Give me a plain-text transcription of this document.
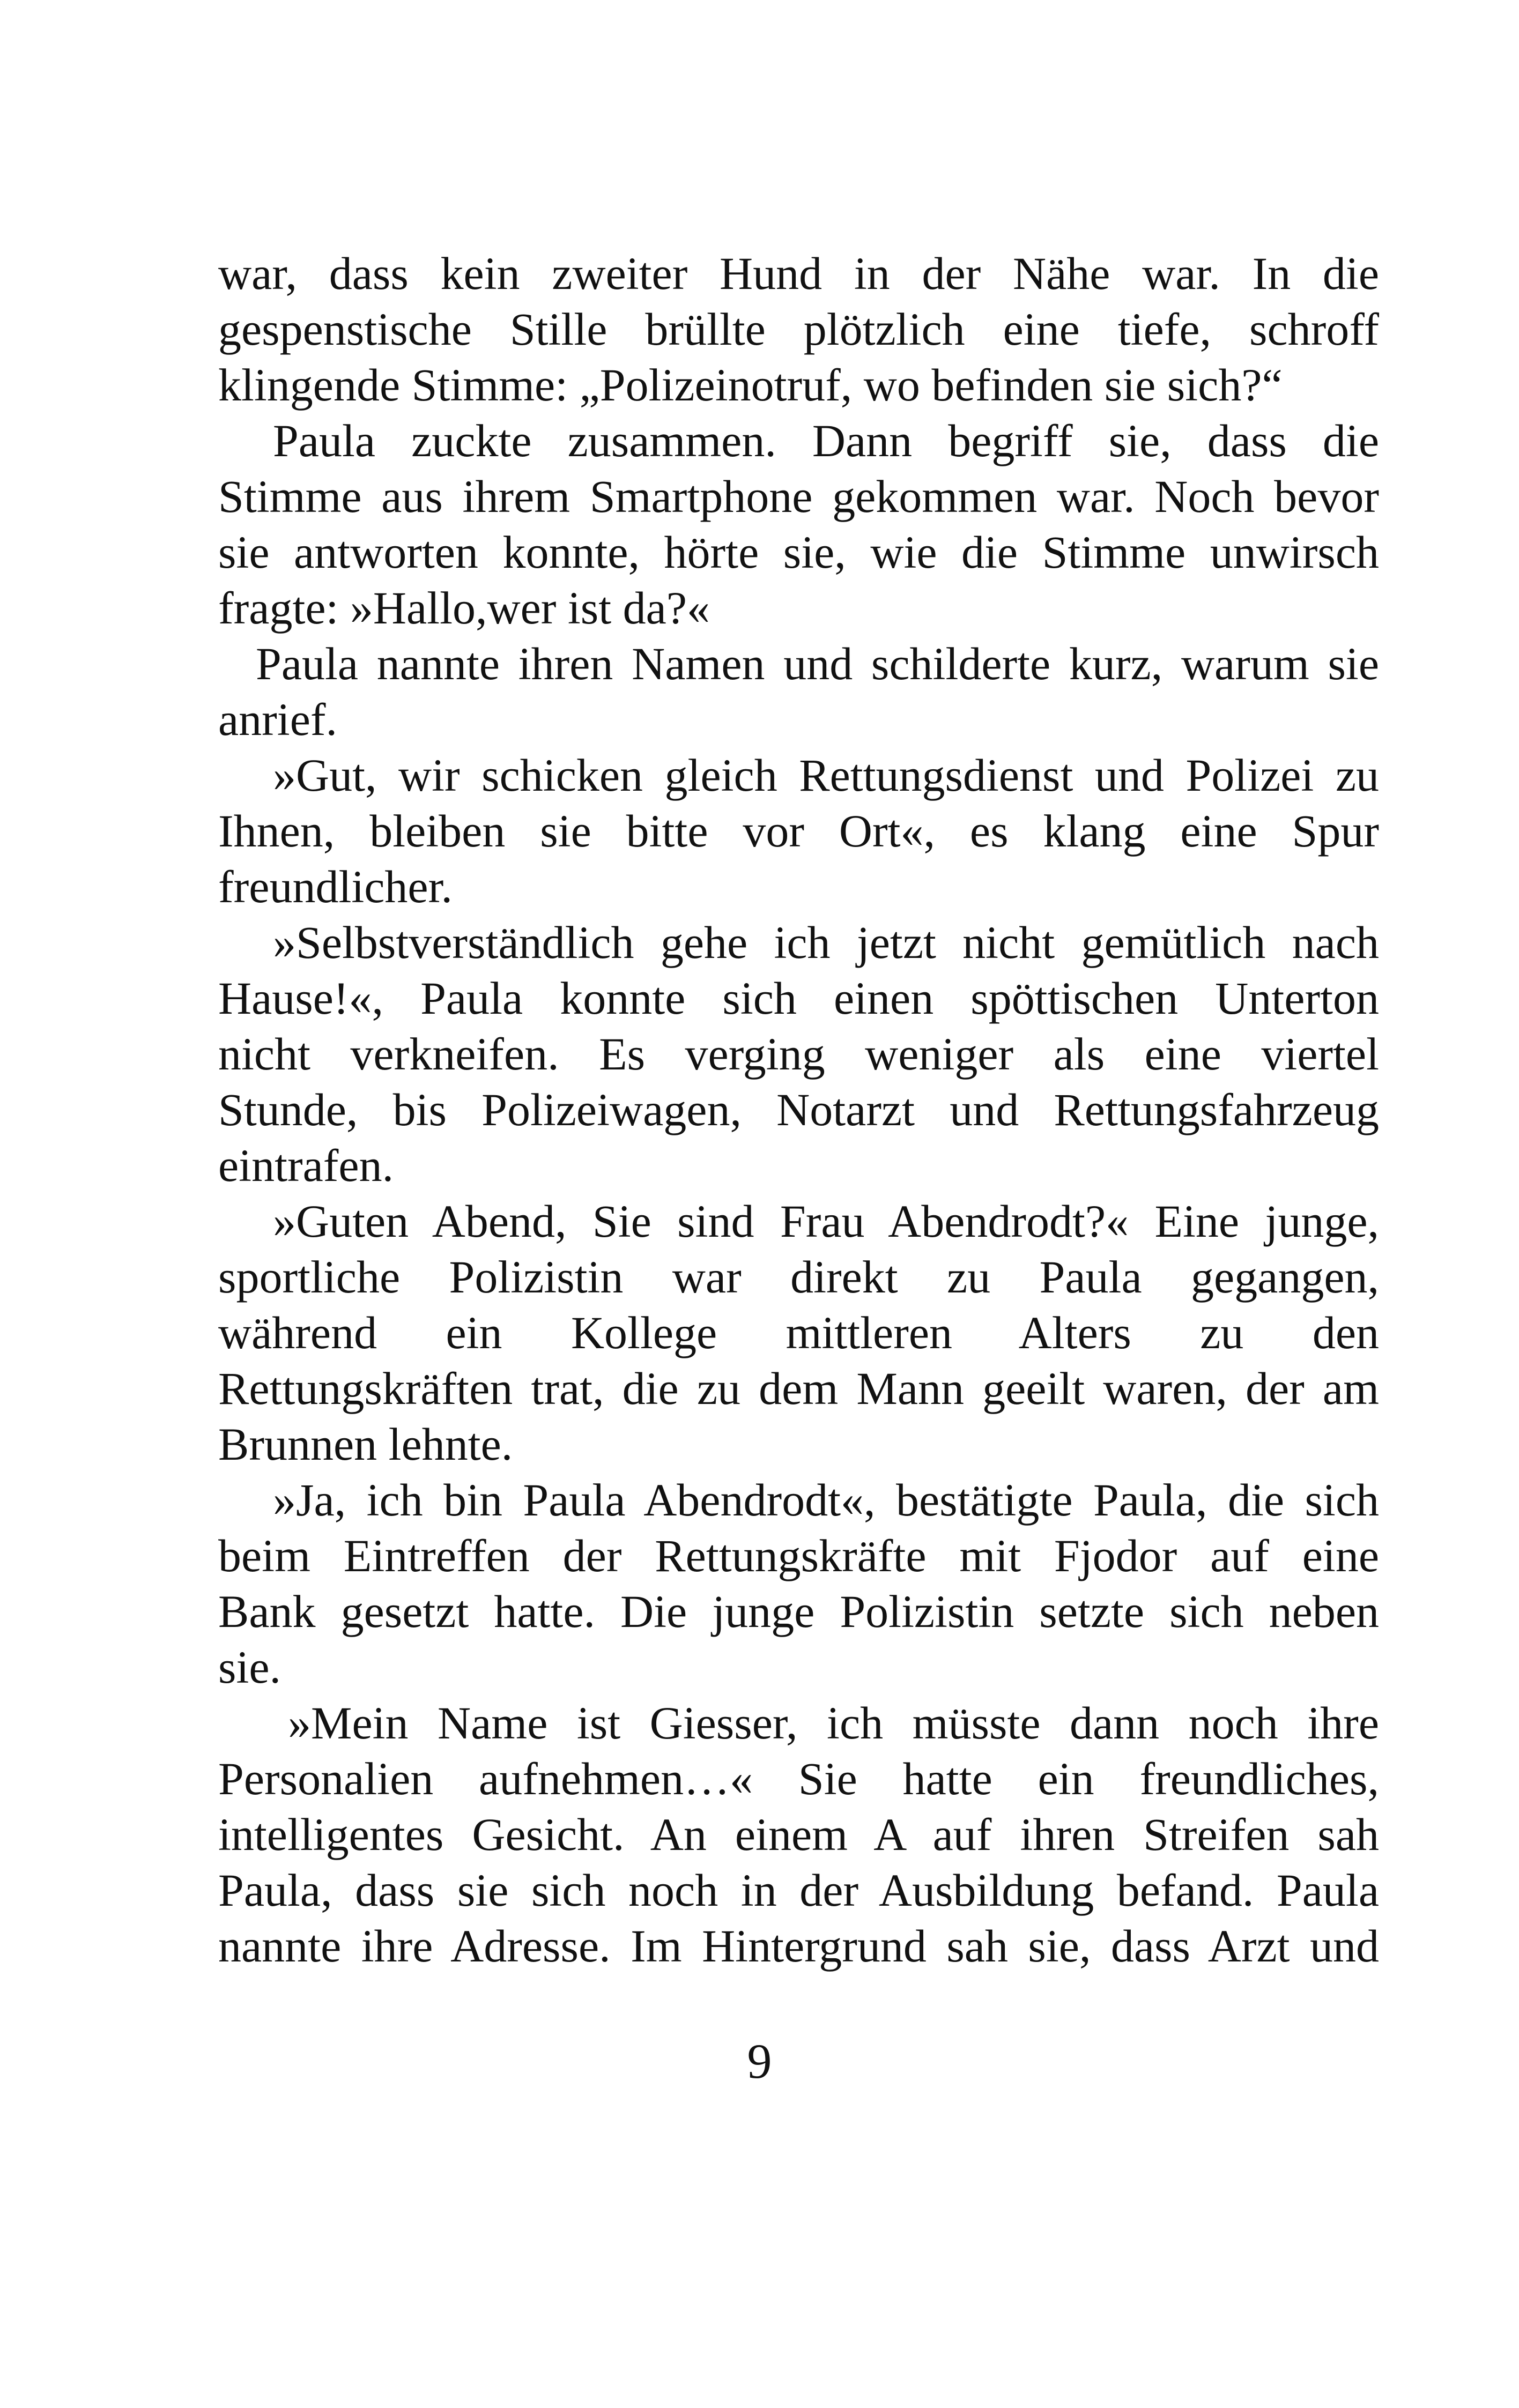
war, dass kein zweiter Hund in der Nähe war. In die
gespenstische Stille brüllte plötzlich eine tiefe, schroff
klingende Stimme: „Polizeinotruf, wo befinden sie sich?“

Paula zuckte zusammen. Dann begriff sie, dass die
Stimme aus ihrem Smartphone gekommen war. Noch bevor
sie antworten konnte, hörte sie, wie die Stimme unwirsch
fragte: »Hallo,wer ist da?«

Paula nannte ihren Namen und schilderte kurz, warum sie
anrief.

»Gut, wir schicken gleich Rettungsdienst und Polizei zu
Ihnen, bleiben sie bitte vor Ort«, es klang eine Spur
freundlicher.

»Selbstverständlich gehe ich jetzt nicht gemütlich nach
Hause!«, Paula konnte sich einen spöttischen Unterton
nicht verkneifen. Es verging weniger als eine viertel
Stunde, bis Polizeiwagen, Notarzt und Rettungsfahrzeug
eintrafen.

»Guten Abend, Sie sind Frau Abendrodt?« Eine junge,
sportliche Polizistin war direkt zu Paula gegangen,
während ein Kollege mittleren Alters zu den
Rettungskräften trat, die zu dem Mann geeilt waren, der am
Brunnen lehnte.

»Ja, ich bin Paula Abendrodt«, bestätigte Paula, die sich
beim Eintreffen der Rettungskräfte mit Fjodor auf eine
Bank gesetzt hatte. Die junge Polizistin setzte sich neben
sie.

»Mein Name ist Giesser, ich müsste dann noch ihre
Personalien aufnehmen…« Sie hatte ein freundliches,
intelligentes Gesicht. An einem A auf ihren Streifen sah
Paula, dass sie sich noch in der Ausbildung befand. Paula
nannte ihre Adresse. Im Hintergrund sah sie, dass Arzt und

9
